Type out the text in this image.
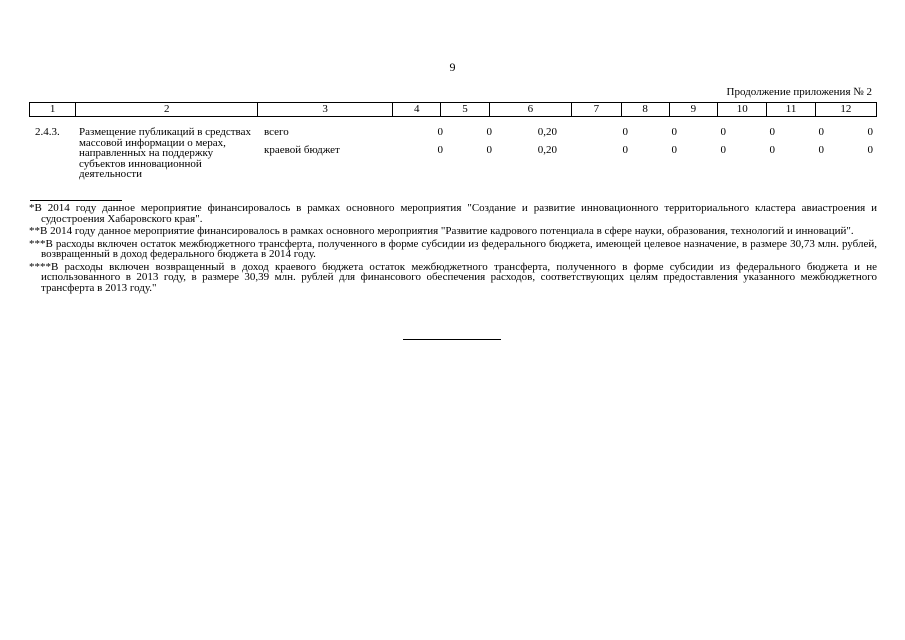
9
Продолжение приложения № 2
1	2	3	4	5	6	7	8	9	10	11	12
2.4.3. Размещение публикаций в средствах массовой информации о мерах, направленных на поддержку субъектов инновационной деятельности
всего	0	0	0,20	0	0	0	0	0	0
краевой бюджет	0	0	0,20	0	0	0	0	0	0

*В 2014 году данное мероприятие финансировалось в рамках основного мероприятия "Создание и развитие инновационного территориального кластера авиастроения и судостроения Хабаровского края".

**В 2014 году данное мероприятие финансировалось в рамках основного мероприятия "Развитие кадрового потенциала в сфере науки, образования, технологий и инноваций".

***В расходы включен остаток межбюджетного трансферта, полученного в форме субсидии из федерального бюджета, имеющей целевое назначение, в размере 30,73 млн. рублей, возвращенный в доход федерального бюджета в 2014 году.

****В расходы включен возвращенный в доход краевого бюджета остаток межбюджетного трансферта, полученного в форме субсидии из федерального бюджета и не использованного в 2013 году, в размере 30,39 млн. рублей для финансового обеспечения расходов, соответствующих целям предоставления указанного межбюджетного трансферта в 2013 году."
